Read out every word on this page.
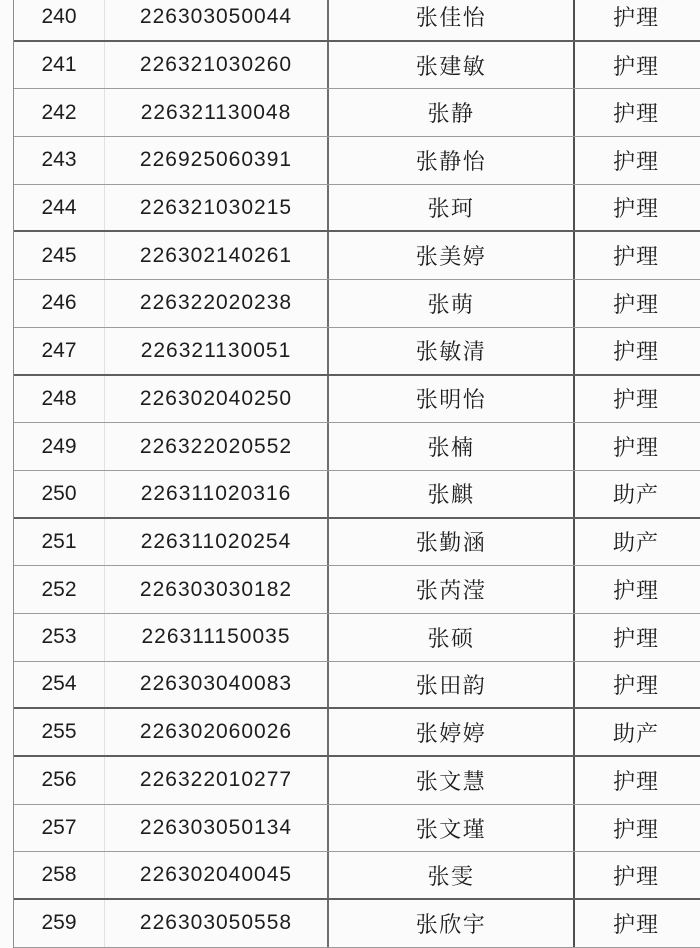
240	226303050044	张佳怡	护理
241	226321030260	张建敏	护理
242	226321130048	张静	护理
243	226925060391	张静怡	护理
244	226321030215	张珂	护理
245	226302140261	张美婷	护理
246	226322020238	张萌	护理
247	226321130051	张敏清	护理
248	226302040250	张明怡	护理
249	226322020552	张楠	护理
250	226311020316	张麒	助产
251	226311020254	张勤涵	助产
252	226303030182	张芮滢	护理
253	226311150035	张硕	护理
254	226303040083	张田韵	护理
255	226302060026	张婷婷	助产
256	226322010277	张文慧	护理
257	226303050134	张文瑾	护理
258	226302040045	张雯	护理
259	226303050558	张欣宇	护理
